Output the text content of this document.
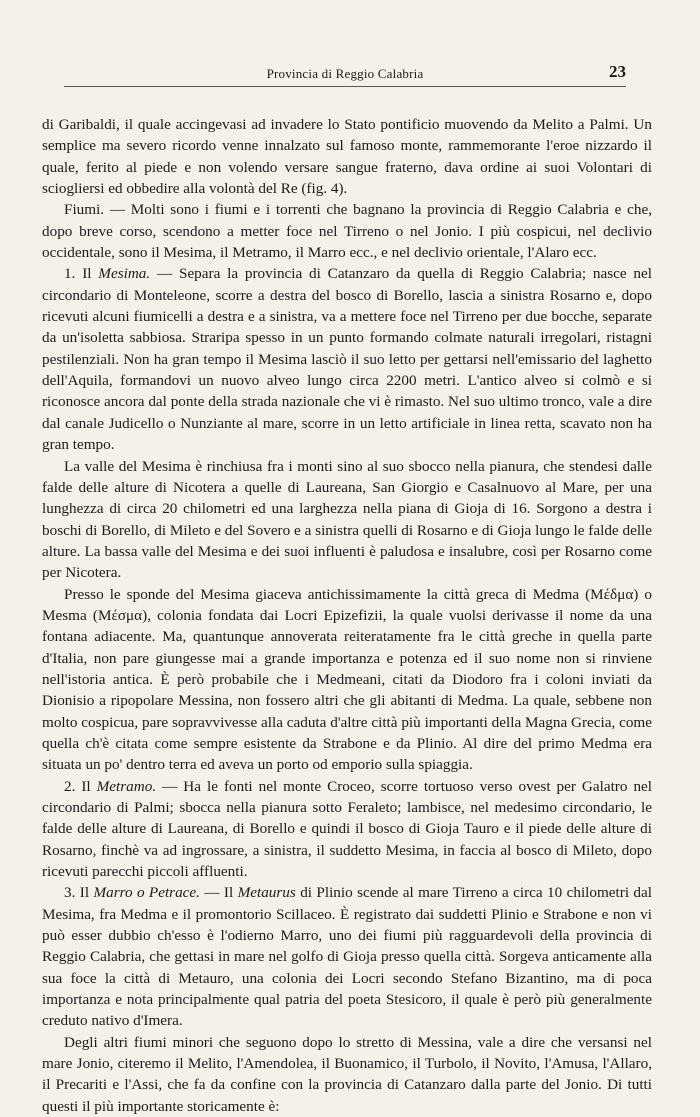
Provincia di Reggio Calabria	23

di Garibaldi, il quale accingevasi ad invadere lo Stato pontificio muovendo da Melito a Palmi. Un semplice ma severo ricordo venne innalzato sul famoso monte, rammemorante l'eroe nizzardo il quale, ferito al piede e non volendo versare sangue fraterno, dava ordine ai suoi Volontari di sciogliersi ed obbedire alla volontà del Re (fig. 4).

Fiumi. — Molti sono i fiumi e i torrenti che bagnano la provincia di Reggio Calabria e che, dopo breve corso, scendono a metter foce nel Tirreno o nel Jonio. I più cospicui, nel declivio occidentale, sono il Mesima, il Metramo, il Marro ecc., e nel declivio orientale, l'Alaro ecc.

1. Il Mesima. — Separa la provincia di Catanzaro da quella di Reggio Calabria; nasce nel circondario di Monteleone, scorre a destra del bosco di Borello, lascia a sinistra Rosarno e, dopo ricevuti alcuni fiumicelli a destra e a sinistra, va a mettere foce nel Tirreno per due bocche, separate da un'isoletta sabbiosa. Straripa spesso in un punto formando colmate naturali irregolari, ristagni pestilenziali. Non ha gran tempo il Mesima lasciò il suo letto per gettarsi nell'emissario del laghetto dell'Aquila, formandovi un nuovo alveo lungo circa 2200 metri. L'antico alveo si colmò e si riconosce ancora dal ponte della strada nazionale che vi è rimasto. Nel suo ultimo tronco, vale a dire dal canale Judicello o Nunziante al mare, scorre in un letto artificiale in linea retta, scavato non ha gran tempo.

La valle del Mesima è rinchiusa fra i monti sino al suo sbocco nella pianura, che stendesi dalle falde delle alture di Nicotera a quelle di Laureana, San Giorgio e Casalnuovo al Mare, per una lunghezza di circa 20 chilometri ed una larghezza nella piana di Gioja di 16. Sorgono a destra i boschi di Borello, di Mileto e del Sovero e a sinistra quelli di Rosarno e di Gioja lungo le falde delle alture. La bassa valle del Mesima e dei suoi influenti è paludosa e insalubre, così per Rosarno come per Nicotera.

Presso le sponde del Mesima giaceva antichissimamente la città greca di Medma (Μέδμα) o Mesma (Μέσμα), colonia fondata dai Locri Epizefizii, la quale vuolsi derivasse il nome da una fontana adiacente. Ma, quantunque annoverata reiteratamente fra le città greche in quella parte d'Italia, non pare giungesse mai a grande importanza e potenza ed il suo nome non si rinviene nell'istoria antica. È però probabile che i Medmeani, citati da Diodoro fra i coloni inviati da Dionisio a ripopolare Messina, non fossero altri che gli abitanti di Medma. La quale, sebbene non molto cospicua, pare sopravvivesse alla caduta d'altre città più importanti della Magna Grecia, come quella ch'è citata come sempre esistente da Strabone e da Plinio. Al dire del primo Medma era situata un po' dentro terra ed aveva un porto od emporio sulla spiaggia.

2. Il Metramo. — Ha le fonti nel monte Croceo, scorre tortuoso verso ovest per Galatro nel circondario di Palmi; sbocca nella pianura sotto Feraleto; lambisce, nel medesimo circondario, le falde delle alture di Laureana, di Borello e quindi il bosco di Gioja Tauro e il piede delle alture di Rosarno, finchè va ad ingrossare, a sinistra, il suddetto Mesima, in faccia al bosco di Mileto, dopo ricevuti parecchi piccoli affluenti.

3. Il Marro o Petrace. — Il Metaurus di Plinio scende al mare Tirreno a circa 10 chilometri dal Mesima, fra Medma e il promontorio Scillaceo. È registrato dai suddetti Plinio e Strabone e non vi può esser dubbio ch'esso è l'odierno Marro, uno dei fiumi più ragguardevoli della provincia di Reggio Calabria, che gettasi in mare nel golfo di Gioja presso quella città. Sorgeva anticamente alla sua foce la città di Metauro, una colonia dei Locri secondo Stefano Bizantino, ma di poca importanza e nota principalmente qual patria del poeta Stesicoro, il quale è però più generalmente creduto nativo d'Imera.

Degli altri fiumi minori che seguono dopo lo stretto di Messina, vale a dire che versansi nel mare Jonio, citeremo il Melito, l'Amendolea, il Buonamico, il Turbolo, il Novito, l'Amusa, l'Allaro, il Precariti e l'Assi, che fa da confine con la provincia di Catanzaro dalla parte del Jonio. Di tutti questi il più importante storicamente è:
